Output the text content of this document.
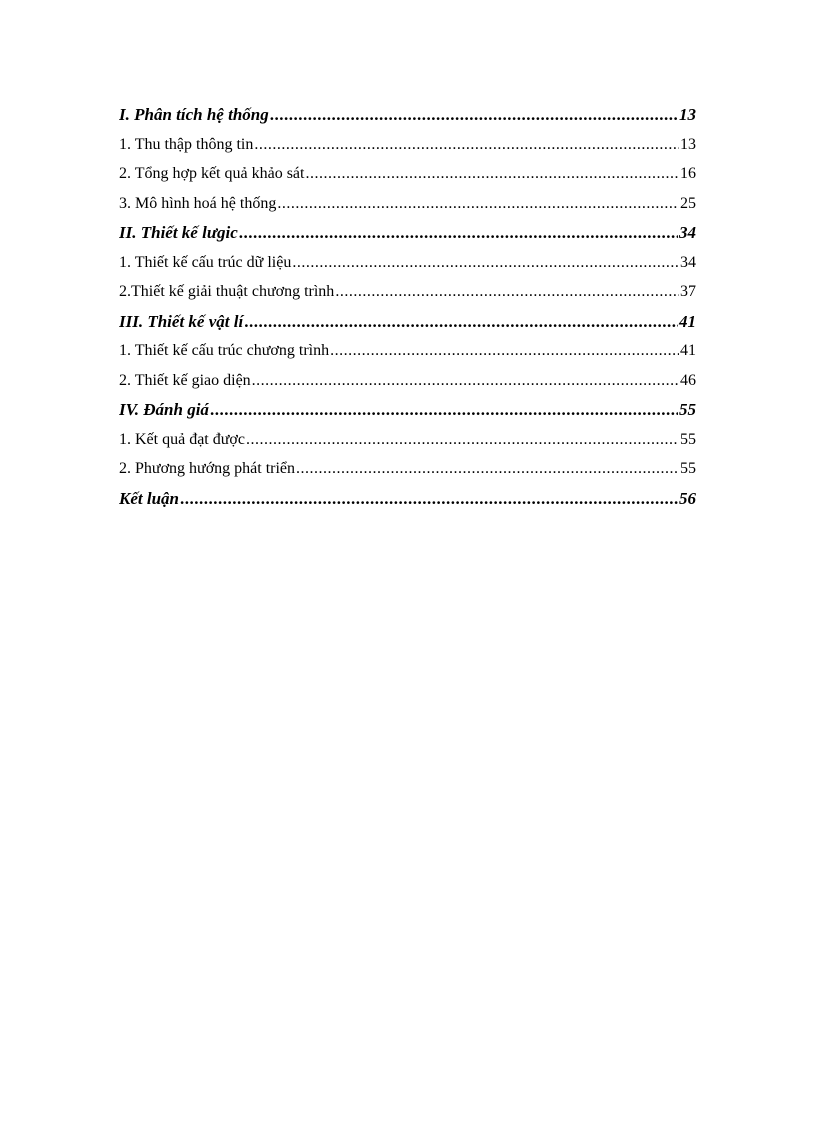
I. Phân tích hệ thống .....	13
1. Thu thập thông tin .....	13
2. Tổng hợp kết quả khảo sát .....	16
3. Mô hình hoá hệ thống .....	25
II. Thiết kế lưgic .....	34
1. Thiết kế cấu trúc dữ liệu .....	34
2.Thiết kế giải thuật chương trình .....	37
III. Thiết kế vật lí .....	41
1. Thiết kế cấu trúc chương trình .....	41
2. Thiết kế giao diện .....	46
IV. Đánh giá .....	55
1. Kết quả đạt được .....	55
2. Phương hướng phát triển .....	55
Kết luận .....	56
